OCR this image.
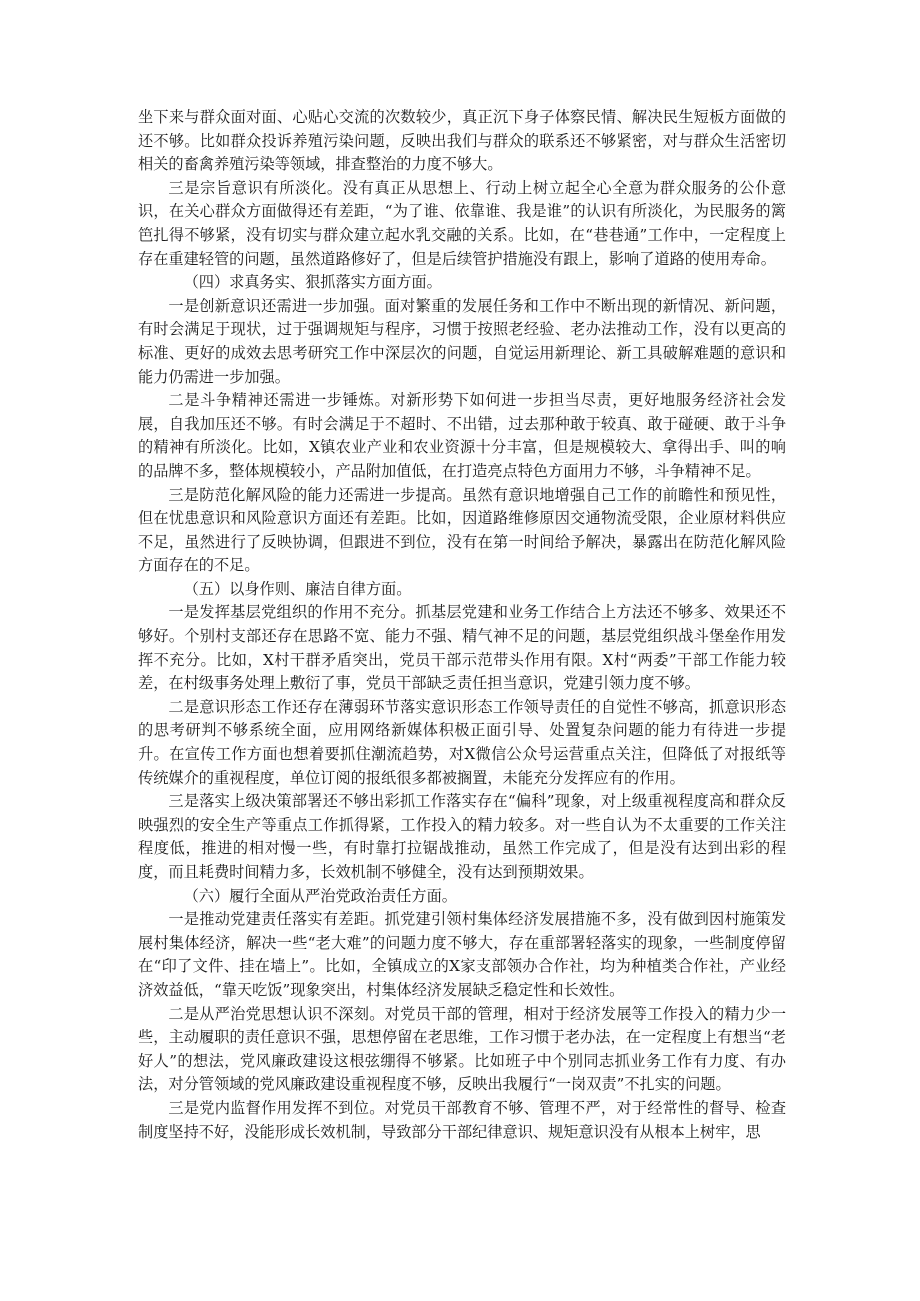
坐下来与群众面对面、心贴心交流的次数较少，真正沉下身子体察民情、解决民生短板方面做的还不够。比如群众投诉养殖污染问题，反映出我们与群众的联系还不够紧密，对与群众生活密切相关的畜禽养殖污染等领域，排查整治的力度不够大。

三是宗旨意识有所淡化。没有真正从思想上、行动上树立起全心全意为群众服务的公仆意识，在关心群众方面做得还有差距，“为了谁、依靠谁、我是谁”的认识有所淡化，为民服务的篱笆扎得不够紧，没有切实与群众建立起水乳交融的关系。比如，在“巷巷通”工作中，一定程度上存在重建轻管的问题，虽然道路修好了，但是后续管护措施没有跟上，影响了道路的使用寿命。

（四）求真务实、狠抓落实方面方面。

一是创新意识还需进一步加强。面对繁重的发展任务和工作中不断出现的新情况、新问题，有时会满足于现状，过于强调规矩与程序，习惯于按照老经验、老办法推动工作，没有以更高的标准、更好的成效去思考研究工作中深层次的问题，自觉运用新理论、新工具破解难题的意识和能力仍需进一步加强。

二是斗争精神还需进一步锤炼。对新形势下如何进一步担当尽责，更好地服务经济社会发展，自我加压还不够。有时会满足于不超时、不出错，过去那种敢于较真、敢于碰硬、敢于斗争的精神有所淡化。比如，X镇农业产业和农业资源十分丰富，但是规模较大、拿得出手、叫的响的品牌不多，整体规模较小，产品附加值低，在打造亮点特色方面用力不够，斗争精神不足。

三是防范化解风险的能力还需进一步提高。虽然有意识地增强自己工作的前瞻性和预见性，但在忧患意识和风险意识方面还有差距。比如，因道路维修原因交通物流受限，企业原材料供应不足，虽然进行了反映协调，但跟进不到位，没有在第一时间给予解决，暴露出在防范化解风险方面存在的不足。

（五）以身作则、廉洁自律方面。

一是发挥基层党组织的作用不充分。抓基层党建和业务工作结合上方法还不够多、效果还不够好。个别村支部还存在思路不宽、能力不强、精气神不足的问题，基层党组织战斗堡垒作用发挥不充分。比如，X村干群矛盾突出，党员干部示范带头作用有限。X村“两委”干部工作能力较差，在村级事务处理上敷衍了事，党员干部缺乏责任担当意识，党建引领力度不够。

二是意识形态工作还存在薄弱环节落实意识形态工作领导责任的自觉性不够高，抓意识形态的思考研判不够系统全面，应用网络新媒体积极正面引导、处置复杂问题的能力有待进一步提升。在宣传工作方面也想着要抓住潮流趋势，对X微信公众号运营重点关注，但降低了对报纸等传统媒介的重视程度，单位订阅的报纸很多都被搁置，未能充分发挥应有的作用。

三是落实上级决策部署还不够出彩抓工作落实存在“偏科”现象，对上级重视程度高和群众反映强烈的安全生产等重点工作抓得紧，工作投入的精力较多。对一些自认为不太重要的工作关注程度低，推进的相对慢一些，有时靠打拉锯战推动，虽然工作完成了，但是没有达到出彩的程度，而且耗费时间精力多，长效机制不够健全，没有达到预期效果。

（六）履行全面从严治党政治责任方面。

一是推动党建责任落实有差距。抓党建引领村集体经济发展措施不多，没有做到因村施策发展村集体经济，解决一些“老大难”的问题力度不够大，存在重部署轻落实的现象，一些制度停留在“印了文件、挂在墙上”。比如，全镇成立的X家支部领办合作社，均为种植类合作社，产业经济效益低，“靠天吃饭”现象突出，村集体经济发展缺乏稳定性和长效性。

二是从严治党思想认识不深刻。对党员干部的管理，相对于经济发展等工作投入的精力少一些，主动履职的责任意识不强，思想停留在老思维，工作习惯于老办法，在一定程度上有想当“老好人”的想法，党风廉政建设这根弦绷得不够紧。比如班子中个别同志抓业务工作有力度、有办法，对分管领域的党风廉政建设重视程度不够，反映出我履行“一岗双责”不扎实的问题。

三是党内监督作用发挥不到位。对党员干部教育不够、管理不严，对于经常性的督导、检查制度坚持不好，没能形成长效机制，导致部分干部纪律意识、规矩意识没有从根本上树牢，思
